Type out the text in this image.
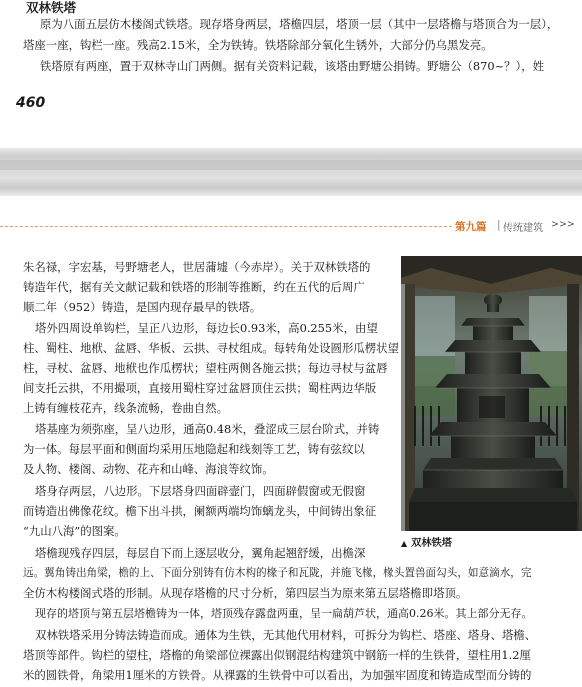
双林铁塔

原为八面五层仿木楼阁式铁塔。现存塔身两层，塔檐四层，塔顶一层（其中一层塔檐与塔顶合为一层），

塔座一座，钩栏一座。残高2.15米，全为铁铸。铁塔除部分氧化生锈外，大部分仍乌黑发亮。

铁塔原有两座，置于双林寺山门两侧。据有关资料记载，该塔由野塘公捐铸。野塘公（870~？），姓

460
第九篇 | 传统建筑 >>>

朱名禄，字宏基，号野塘老人，世居蒲墟（今赤岸）。关于双林铁塔的

铸造年代，据有关文献记载和铁塔的形制等推断，约在五代的后周广

顺二年（952）铸造，是国内现存最早的铁塔。

塔外四周设单钩栏，呈正八边形，每边长0.93米，高0.255米，由望

柱、蜀柱、地栿、盆唇、华板、云拱、寻杖组成。每转角处设圆形瓜楞状望

柱，寻杖、盆唇、地栿也作瓜楞状；望柱两侧各施云拱；每边寻杖与盆唇

间支托云拱，不用撮项，直接用蜀柱穿过盆唇顶住云拱；蜀柱两边华版

上铸有缠枝花卉，线条流畅，卷曲自然。

塔基座为须弥座，呈八边形，通高0.48米，叠涩成三层台阶式，并铸

为一体。每层平面和侧面均采用压地隐起和线刻等工艺，铸有弦纹以

及人物、楼阁、动物、花卉和山峰、海浪等纹饰。

塔身存两层，八边形。下层塔身四面辟壸门，四面辟假窗或无假窗

而铸造出佛像花纹。檐下出斗拱，阑额两端均饰螭龙头，中间铸出象征

“九山八海”的图案。

塔檐现残存四层，每层自下而上逐层收分，翼角起翘舒缓，出檐深

远。翼角铸出角梁，檐的上、下面分别铸有仿木构的椽子和瓦陇，并施飞椽，椽头置兽面勾头，如意滴水，完

全仿木构楼阁式塔的形制。从现存塔檐的尺寸分析，第四层当为原来第五层塔檐即塔顶。

现存的塔顶与第五层塔檐铸为一体，塔顶残存露盘两重，呈一扁葫芦状，通高0.26米。其上部分无存。

双林铁塔采用分铸法铸造而成。通体为生铁，无其他代用材料，可拆分为钩栏、塔座、塔身、塔檐、

塔顶等部件。钩栏的望柱，塔檐的角梁部位裸露出似钢混结构建筑中钢筋一样的生铁骨，望柱用1.2厘

米的圆铁骨，角梁用1厘米的方铁骨。从裸露的生铁骨中可以看出，为加强牢固度和铸造成型而分铸的

▲ 双林铁塔
